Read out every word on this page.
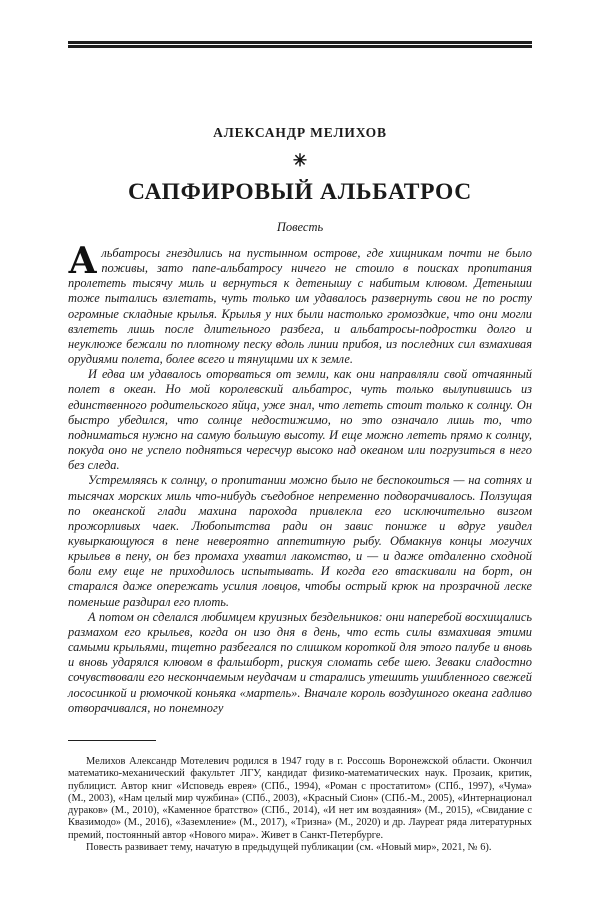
АЛЕКСАНДР МЕЛИХОВ
✳
САПФИРОВЫЙ АЛЬБАТРОС
Повесть

Альбатросы гнездились на пустынном острове, где хищникам почти не было поживы, зато папе-альбатросу ничего не стоило в поисках пропитания пролететь тысячу миль и вернуться к детенышу с набитым клювом. Детеныши тоже пытались взлетать, чуть только им удавалось развернуть свои не по росту огромные складные крылья. Крылья у них были настолько громоздкие, что они могли взлететь лишь после длительного разбега, и альбатросы-подростки долго и неуклюже бежали по плотному песку вдоль линии прибоя, из последних сил взмахивая орудиями полета, более всего и тянущими их к земле.

И едва им удавалось оторваться от земли, как они направляли свой отчаянный полет в океан. Но мой королевский альбатрос, чуть только вылупившись из единственного родительского яйца, уже знал, что лететь стоит только к солнцу. Он быстро убедился, что солнце недостижимо, но это означало лишь то, что подниматься нужно на самую большую высоту. И еще можно лететь прямо к солнцу, покуда оно не успело подняться чересчур высоко над океаном или погрузиться в него без следа.

Устремляясь к солнцу, о пропитании можно было не беспокоиться — на сотнях и тысячах морских миль что-нибудь съедобное непременно подворачивалось. Ползущая по океанской глади махина парохода привлекла его исключительно визгом прожорливых чаек. Любопытства ради он завис пониже и вдруг увидел кувыркающуюся в пене невероятно аппетитную рыбу. Обмакнув концы могучих крыльев в пену, он без промаха ухватил лакомство, и — и даже отдаленно сходной боли ему еще не приходилось испытывать. И когда его втаскивали на борт, он старался даже опережать усилия ловцов, чтобы острый крюк на прозрачной леске поменьше раздирал его плоть.

А потом он сделался любимцем круизных бездельников: они наперебой восхищались размахом его крыльев, когда он изо дня в день, что есть силы взмахивая этими самыми крыльями, тщетно разбегался по слишком короткой для этого палубе и вновь и вновь ударялся клювом в фальшборт, рискуя сломать себе шею. Зеваки сладостно сочувствовали его нескончаемым неудачам и старались утешить ушибленного свежей лососинкой и рюмочкой коньяка «мартель». Вначале король воздушного океана гадливо отворачивался, но понемногу

Мелихов Александр Мотелевич родился в 1947 году в г. Россошь Воронежской области. Окончил математико-механический факультет ЛГУ, кандидат физико-математических наук. Прозаик, критик, публицист. Автор книг «Исповедь еврея» (СПб., 1994), «Роман с простатитом» (СПб., 1997), «Чума» (М., 2003), «Нам целый мир чужбина» (СПб., 2003), «Красный Сион» (СПб.-М., 2005), «Интернационал дураков» (М., 2010), «Каменное братство» (СПб., 2014), «И нет им воздаяния» (М., 2015), «Свидание с Квазимодо» (М., 2016), «Заземление» (М., 2017), «Тризна» (М., 2020) и др. Лауреат ряда литературных премий, постоянный автор «Нового мира». Живет в Санкт-Петербурге.

Повесть развивает тему, начатую в предыдущей публикации (см. «Новый мир», 2021, № 6).
